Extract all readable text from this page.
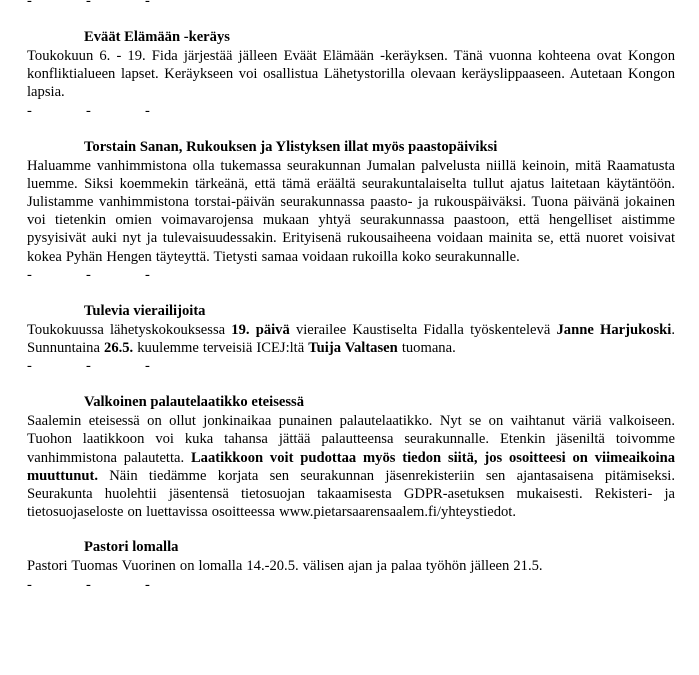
-	-	-
Eväät Elämään -keräys

Toukokuun 6. - 19. Fida järjestää jälleen Eväät Elämään -keräyksen. Tänä vuonna kohteena ovat Kongon konfliktialueen lapset. Keräykseen voi osallistua Lähetystorilla olevaan keräyslippaaseen. Autetaan Kongon lapsia.

-	-	-
Torstain Sanan, Rukouksen ja Ylistyksen illat myös paastopäiviksi

Haluamme vanhimmistona olla tukemassa seurakunnan Jumalan palvelusta niillä keinoin, mitä Raamatusta luemme. Siksi koemmekin tärkeänä, että tämä eräältä seurakuntalaiselta tullut ajatus laitetaan käytäntöön. Julistamme vanhimmistona torstai-päivän seurakunnassa paasto- ja rukouspäiväksi. Tuona päivänä jokainen voi tietenkin omien voimavarojensa mukaan yhtyä seurakunnassa paastoon, että hengelliset aistimme pysyisivät auki nyt ja tulevaisuudessakin. Erityisenä rukousaiheena voidaan mainita se, että nuoret voisivat kokea Pyhän Hengen täyteyttä. Tietysti samaa voidaan rukoilla koko seurakunnalle.

-	-	-
Tulevia vierailijoita

Toukokuussa lähetyskokouksessa 19. päivä vierailee Kaustiselta Fidalla työskentelevä Janne Harjukoski. Sunnuntaina 26.5. kuulemme terveisiä ICEJ:ltä Tuija Valtasen tuomana.

-	-	-
Valkoinen palautelaatikko eteisessä

Saalemin eteisessä on ollut jonkinaikaa punainen palautelaatikko. Nyt se on vaihtanut väriä valkoiseen. Tuohon laatikkoon voi kuka tahansa jättää palautteensa seurakunnalle. Etenkin jäseniltä toivomme vanhimmistona palautetta. Laatikkoon voit pudottaa myös tiedon siitä, jos osoitteesi on viimeaikoina muuttunut. Näin tiedämme korjata sen seurakunnan jäsenrekisteriin sen ajantasaisena pitämiseksi. Seurakunta huolehtii jäsentensä tietosuojan takaamisesta GDPR-asetuksen mukaisesti. Rekisteri- ja tietosuojaseloste on luettavissa osoitteessa www.pietarsaarensaalem.fi/yhteystiedot.

Pastori lomalla

Pastori Tuomas Vuorinen on lomalla 14.-20.5. välisen ajan ja palaa työhön jälleen 21.5.

-	-	-
